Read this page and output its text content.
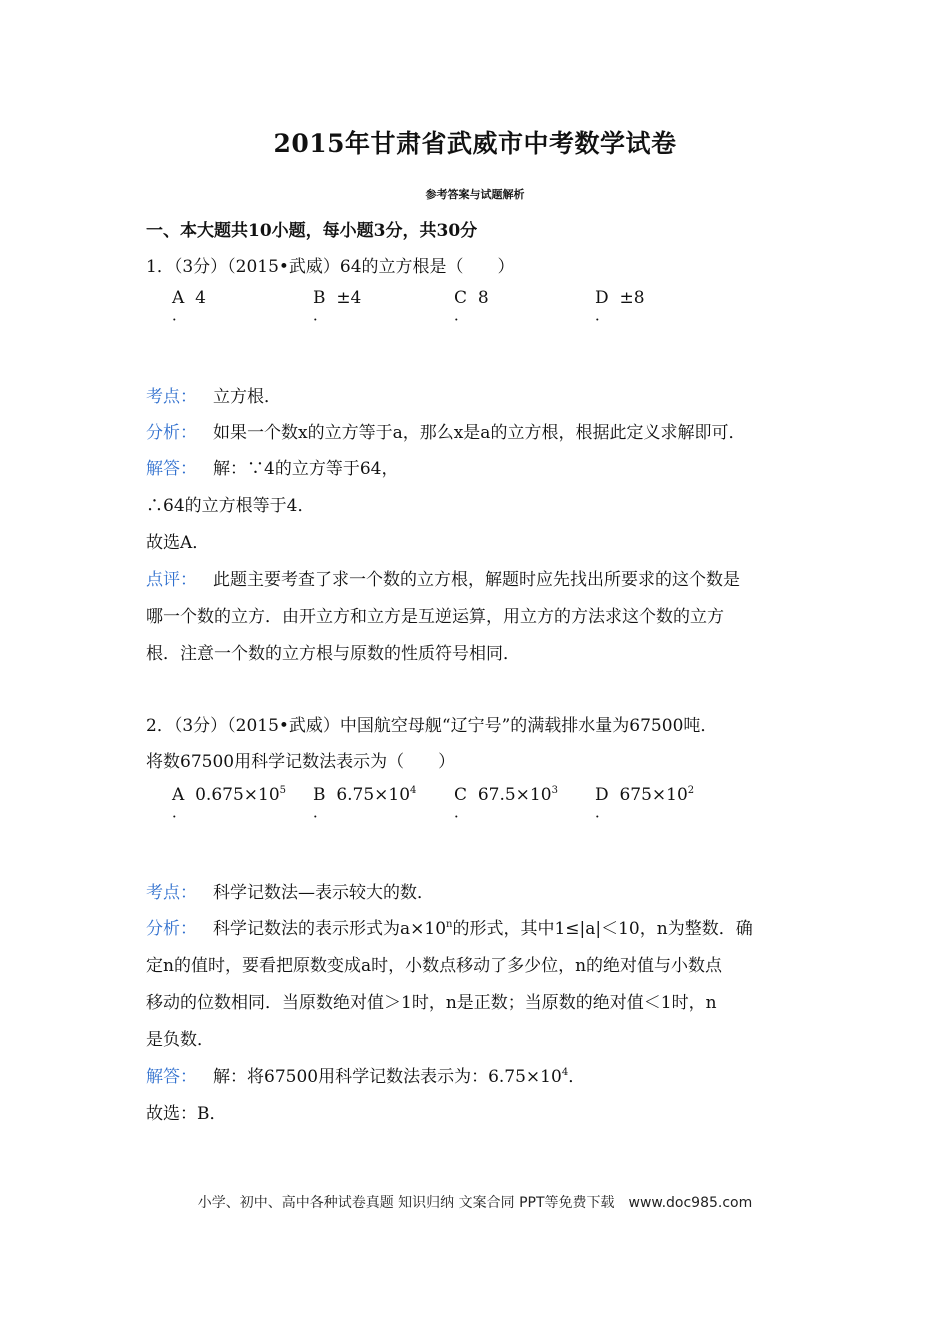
2015年甘肃省武威市中考数学试卷
参考答案与试题解析
一、本大题共10小题，每小题3分，共30分
1．（3分）（2015•武威）64的立方根是（　　）
A 4
．
B ±4
．
C 8
．
D ±8
．
考点： 立方根．
分析： 如果一个数x的立方等于a，那么x是a的立方根，根据此定义求解即可．
解答： 解：∵4的立方等于64，
∴64的立方根等于4．
故选A．
点评： 此题主要考查了求一个数的立方根，解题时应先找出所要求的这个数是
哪一个数的立方．由开立方和立方是互逆运算，用立方的方法求这个数的立方
根．注意一个数的立方根与原数的性质符号相同．
2．（3分）（2015•武威）中国航空母舰“辽宁号”的满载排水量为67500吨．
将数67500用科学记数法表示为（　　）
A $0.675\times 10^5$
．
B $6.75\times 10^4$
．
C $67.5\times 10^3$
．
D $675\times 10^2$
．
考点： 科学记数法—表示较大的数．
分析： 科学记数法的表示形式为$a\times 10^n$的形式，其中1≤|a|＜10，n为整数．确
定n的值时，要看把原数变成a时，小数点移动了多少位，n的绝对值与小数点
移动的位数相同．当原数绝对值＞1时，n是正数；当原数的绝对值＜1时，n
是负数．
解答： 解：将67500用科学记数法表示为：$6.75\times 10^4$．
故选：B．
小学、初中、高中各种试卷真题 知识归纳 文案合同 PPT等免费下载　www.doc985.com
